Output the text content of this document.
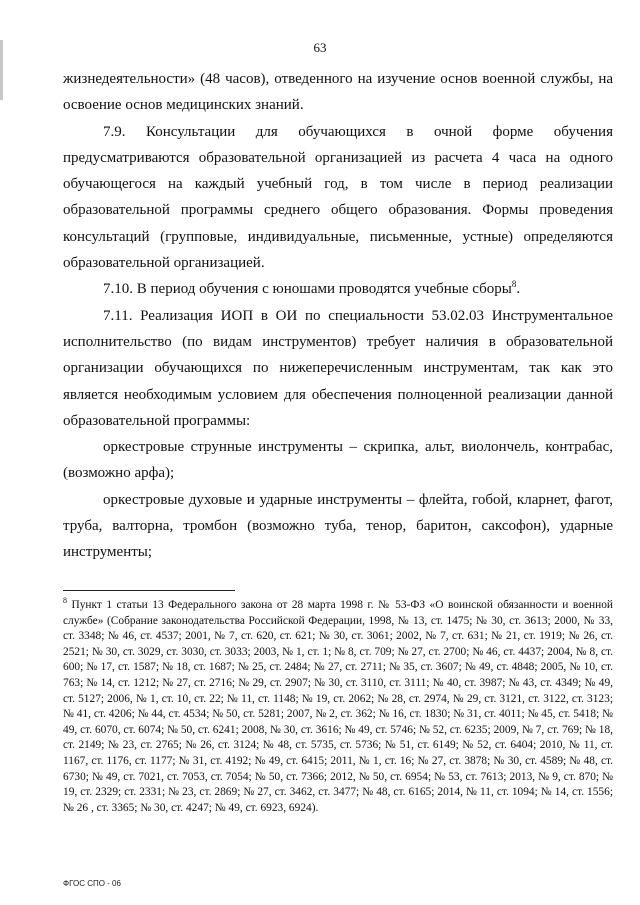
63

жизнедеятельности» (48 часов), отведенного на изучение основ военной службы, на освоение основ медицинских знаний.

7.9. Консультации для обучающихся в очной форме обучения предусматриваются образовательной организацией из расчета 4 часа на одного обучающегося на каждый учебный год, в том числе в период реализации образовательной программы среднего общего образования. Формы проведения консультаций (групповые, индивидуальные, письменные, устные) определяются образовательной организацией.

7.10. В период обучения с юношами проводятся учебные сборы$^8$.

7.11. Реализация ИОП в ОИ по специальности 53.02.03 Инструментальное исполнительство (по видам инструментов) требует наличия в образовательной организации обучающихся по нижеперечисленным инструментам, так как это является необходимым условием для обеспечения полноценной реализации данной образовательной программы:

оркестровые струнные инструменты – скрипка, альт, виолончель, контрабас, (возможно арфа);

оркестровые духовые и ударные инструменты – флейта, гобой, кларнет, фагот, труба, валторна, тромбон (возможно туба, тенор, баритон, саксофон), ударные инструменты;

$^8$ Пункт 1 статьи 13 Федерального закона от 28 марта 1998 г. № 53-ФЗ «О воинской обязанности и военной службе» (Собрание законодательства Российской Федерации, 1998, № 13, ст. 1475; № 30, ст. 3613; 2000, № 33, ст. 3348; № 46, ст. 4537; 2001, № 7, ст. 620, ст. 621; № 30, ст. 3061; 2002, № 7, ст. 631; № 21, ст. 1919; № 26, ст. 2521; № 30, ст. 3029, ст. 3030, ст. 3033; 2003, № 1, ст. 1; № 8, ст. 709; № 27, ст. 2700; № 46, ст. 4437; 2004, № 8, ст. 600; № 17, ст. 1587; № 18, ст. 1687; № 25, ст. 2484; № 27, ст. 2711; № 35, ст. 3607; № 49, ст. 4848; 2005, № 10, ст. 763; № 14, ст. 1212; № 27, ст. 2716; № 29, ст. 2907; № 30, ст. 3110, ст. 3111; № 40, ст. 3987; № 43, ст. 4349; № 49, ст. 5127; 2006, № 1, ст. 10, ст. 22; № 11, ст. 1148; № 19, ст. 2062; № 28, ст. 2974, № 29, ст. 3121, ст. 3122, ст. 3123; № 41, ст. 4206; № 44, ст. 4534; № 50, ст. 5281; 2007, № 2, ст. 362; № 16, ст. 1830; № 31, ст. 4011; № 45, ст. 5418; № 49, ст. 6070, ст. 6074; № 50, ст. 6241; 2008, № 30, ст. 3616; № 49, ст. 5746; № 52, ст. 6235; 2009, № 7, ст. 769; № 18, ст. 2149; № 23, ст. 2765; № 26, ст. 3124; № 48, ст. 5735, ст. 5736; № 51, ст. 6149; № 52, ст. 6404; 2010, № 11, ст. 1167, ст. 1176, ст. 1177; № 31, ст. 4192; № 49, ст. 6415; 2011, № 1, ст. 16; № 27, ст. 3878; № 30, ст. 4589; № 48, ст. 6730; № 49, ст. 7021, ст. 7053, ст. 7054; № 50, ст. 7366; 2012, № 50, ст. 6954; № 53, ст. 7613; 2013, № 9, ст. 870; № 19, ст. 2329; ст. 2331; № 23, ст. 2869; № 27, ст. 3462, ст. 3477; № 48, ст. 6165; 2014, № 11, ст. 1094; № 14, ст. 1556; № 26 , ст. 3365; № 30, ст. 4247; № 49, ст. 6923, 6924).
ФГОС СПО - 06
